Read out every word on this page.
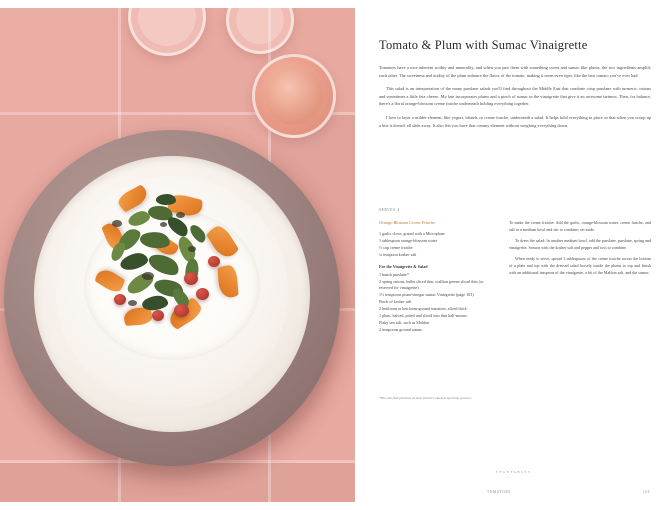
Tomato & Plum with Sumac Vinaigrette

Tomatoes have a nice inherent acidity and minerality, and when you pair them with something sweet and sumac like plums, the two ingredients amplify each other. The sweetness and acidity of the plum enhance the flavor of the tomato, making it seem even riper, like the best tomato you've ever had.

This salad is an interpretation of the many purslane salads you'll find throughout the Middle East that combine crisp purslane with turmeric, onions and sometimes a little feta cheese. My late incorporates plums and a pinch of sumac in the vinaigrette that give it an awesome tartness. Then, for balance, there's a floral orange-blossom creme fraiche underneath holding everything together.

I love to layer a milder element, like yogurt, labneh, or creme fraiche, underneath a salad. It helps hold everything in place so that when you scoop up a bite it doesn't all slide away. It also lets you have that creamy element without weighing everything down.

SERVES 4
Orange-Blossom Creme Fraiche
1 garlic clove, grated with a Microplane
1 tablespoon orange-blossom water
½ cup creme fraiche
¼ teaspoon kosher salt
For the Vinaigrette & Salad
1 bunch purslane*
2 spring onions, bulbs sliced thin, scallion greens sliced thin (or reserved for vinaigrette)
1½ teaspoons plum-vinegar sumac Vinaigrette (page 103)
Pinch of kosher salt
2 heirloom or heirloom-ground tomatoes, sliced thick
1 plum, halved, pitted and sliced into thin half-moons
Flaky sea salt, such as Maldon
2 teaspoons ground sumac

To make the creme fraiche: Add the garlic, orange-blossom water, creme fraiche, and salt to a medium bowl and stir to combine; set aside.

To dress the salad: In another medium bowl, add the purslane, purslane, spring and vinaigrette. Season with the kosher salt and pepper and toss to combine.

When ready to serve, spread 3 tablespoons of the creme fraiche across the bottom of a plate and top with the dressed salad loosely inside the plums to top and finish with an additional teaspoon of the vinaigrette, a bit of the Maldon salt, and the sumac.

*You can find purslane at most farmers markets specialty grocers.
VEGETABLES
TOMATOES	104
